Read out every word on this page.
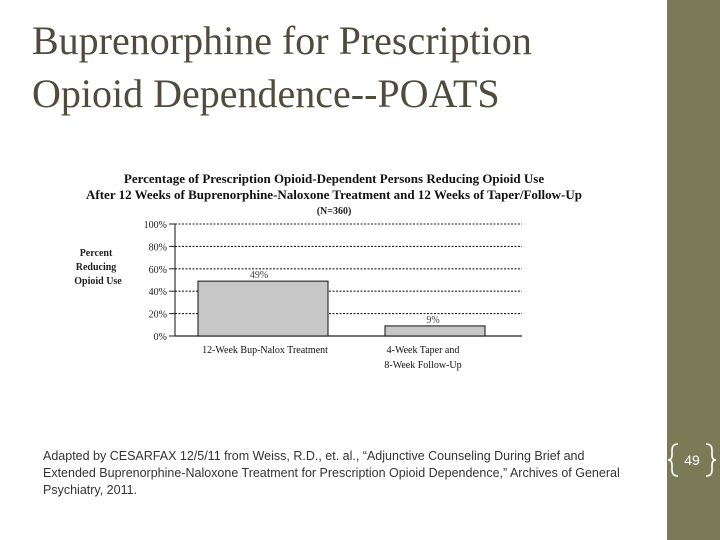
Buprenorphine for Prescription
Opioid Dependence--POATS
Percentage of Prescription Opioid-Dependent Persons Reducing Opioid Use
After 12 Weeks of Buprenorphine-Naloxone Treatment and 12 Weeks of Taper/Follow-Up
(N=360)
Percent
Reducing
Opioid Use
100%
80%
60%
40%
20%
0%
49%
9%
12-Week Bup-Nalox Treatment	4-Week Taper and
8-Week Follow-Up
Adapted by CESARFAX 12/5/11 from Weiss, R.D., et. al., “Adjunctive Counseling During Brief and Extended Buprenorphine-Naloxone Treatment for Prescription Opioid Dependence,” Archives of General Psychiatry, 2011.
49
